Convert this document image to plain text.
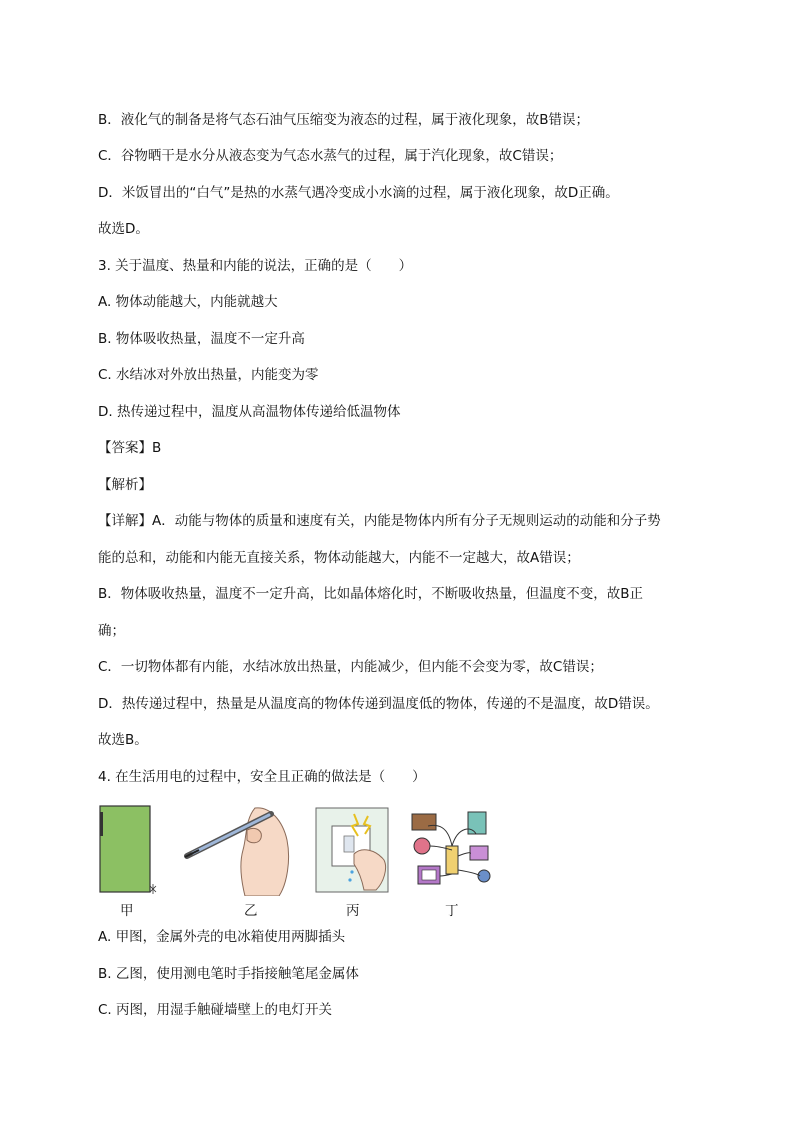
B．液化气的制备是将气态石油气压缩变为液态的过程，属于液化现象，故B错误；
C．谷物晒干是水分从液态变为气态水蒸气的过程，属于汽化现象，故C错误；
D．米饭冒出的“白气”是热的水蒸气遇冷变成小水滴的过程，属于液化现象，故D正确。
故选D。
3. 关于温度、热量和内能的说法，正确的是（　　）
A. 物体动能越大，内能就越大
B. 物体吸收热量，温度不一定升高
C. 水结冰对外放出热量，内能变为零
D. 热传递过程中，温度从高温物体传递给低温物体
【答案】B
【解析】
【详解】A．动能与物体的质量和速度有关，内能是物体内所有分子无规则运动的动能和分子势
能的总和，动能和内能无直接关系，物体动能越大，内能不一定越大，故A错误；
B．物体吸收热量，温度不一定升高，比如晶体熔化时，不断吸收热量，但温度不变，故B正
确；
C．一切物体都有内能，水结冰放出热量，内能减少，但内能不会变为零，故C错误；
D．热传递过程中，热量是从温度高的物体传递到温度低的物体，传递的不是温度，故D错误。
故选B。
4. 在生活用电的过程中，安全且正确的做法是（　　）
甲	乙	丙	丁
A. 甲图，金属外壳的电冰箱使用两脚插头
B. 乙图，使用测电笔时手指接触笔尾金属体
C. 丙图，用湿手触碰墙壁上的电灯开关
